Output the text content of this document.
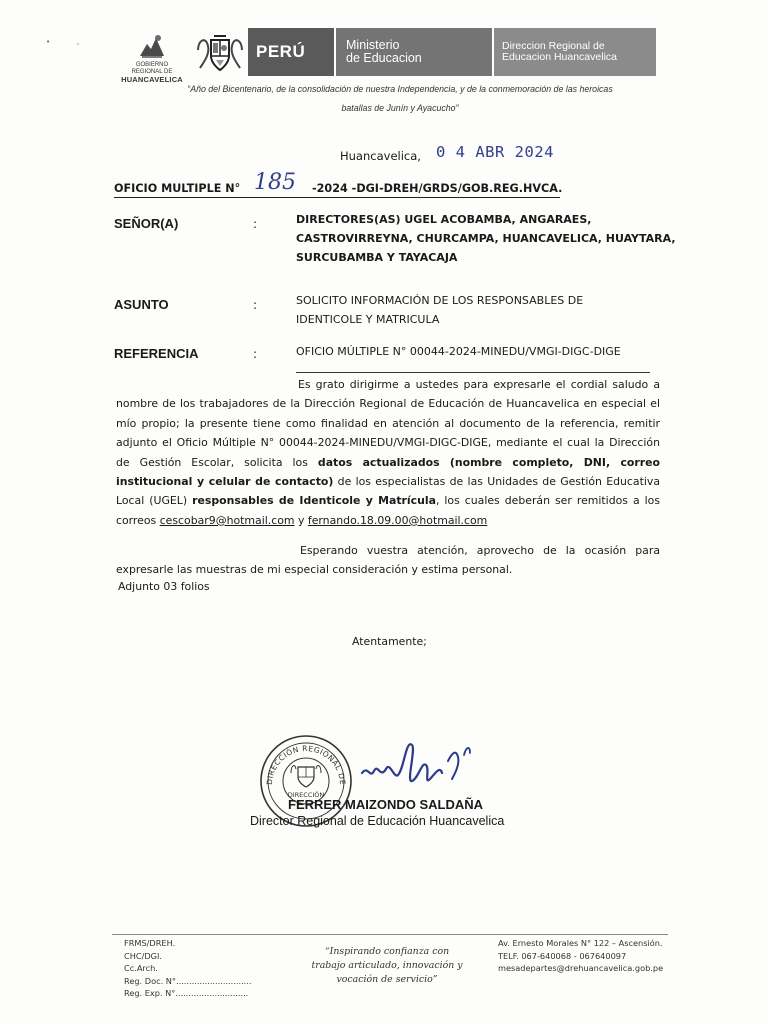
•            ,
GOBIERNO REGIONAL DE
HUANCAVELICA
PERÚ	Ministerio
de Educacion
Direccion Regional de
Educacion Huancavelica
“Año del Bicentenario, de la consolidación de nuestra Independencia, y de la conmemoración de las heroicas
batallas de Junín y Ayacucho”
Huancavelica, 0 4 ABR 2024
OFICIO MULTIPLE N° 185 -2024 -DGI-DREH/GRDS/GOB.REG.HVCA.
SEÑOR(A)	:	DIRECTORES(AS) UGEL ACOBAMBA, ANGARAES,
CASTROVIRREYNA, CHURCAMPA, HUANCAVELICA, HUAYTARA,
SURCUBAMBA Y TAYACAJA
ASUNTO	:	SOLICITO INFORMACIÓN DE LOS RESPONSABLES DE
IDENTICOLE Y MATRICULA
REFERENCIA	:	OFICIO MÚLTIPLE N° 00044-2024-MINEDU/VMGI-DIGC-DIGE
Es grato dirigirme a ustedes para expresarle el cordial saludo a nombre de los trabajadores de la Dirección Regional de Educación de Huancavelica en especial el mío propio; la presente tiene como finalidad en atención al documento de la referencia, remitir adjunto el Oficio Múltiple N° 00044-2024-MINEDU/VMGI-DIGC-DIGE, mediante el cual la Dirección de Gestión Escolar, solicita los datos actualizados (nombre completo, DNI, correo institucional y celular de contacto) de los especialistas de las Unidades de Gestión Educativa Local (UGEL) responsables de Identicole y Matrícula, los cuales deberán ser remitidos a los correos cescobar9@hotmail.com y fernando.18.09.00@hotmail.com
Esperando vuestra atención, aprovecho de la ocasión para expresarle las muestras de mi especial consideración y estima personal.
Adjunto 03 folios
Atentamente;
DIRECCIÓN REGIONAL DE
DIRECCIÓN
FERRER MAIZONDO SALDAÑA
Director Regional de Educación Huancavelica
FRMS/DREH.
CHC/DGI.
Cc.Arch.
Reg. Doc. N°.............................
Reg. Exp. N°............................
“Inspirando confianza con
trabajo articulado, innovación y
vocación de servicio”
Av. Ernesto Morales N° 122 – Ascensión.
TELF. 067-640068 - 067640097
mesadepartes@drehuancavelica.gob.pe
